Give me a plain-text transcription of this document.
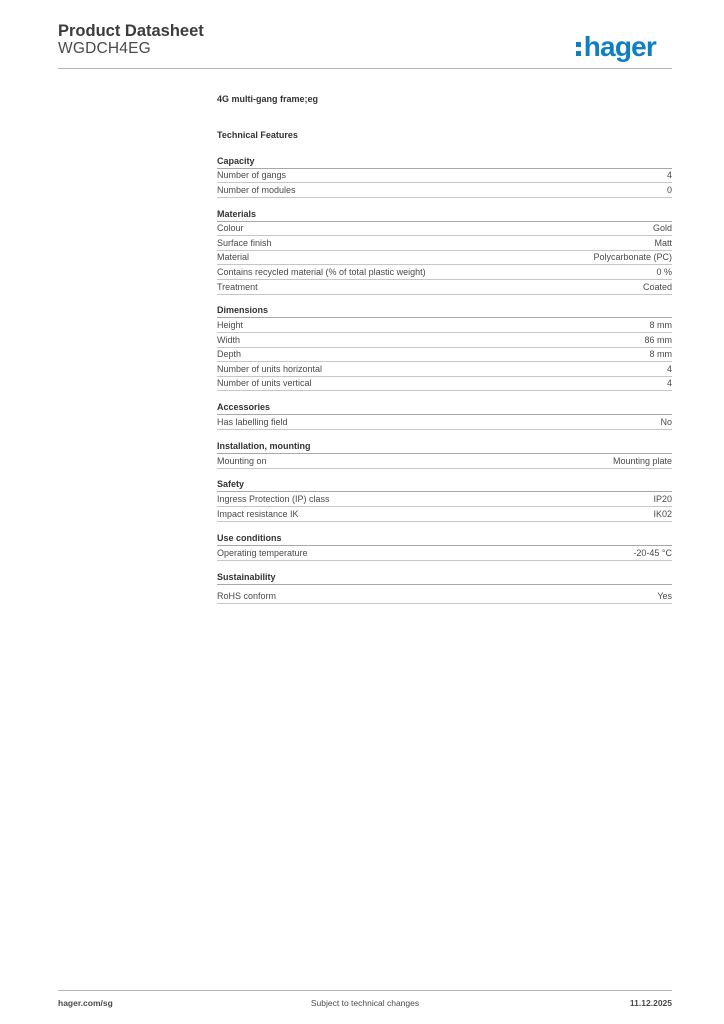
Product Datasheet
WGDCH4EG	hager
4G multi-gang frame;eg
Technical Features
Capacity
Number of gangs	4
Number of modules	0
Materials
Colour	Gold
Surface finish	Matt
Material	Polycarbonate (PC)
Contains recycled material (% of total plastic weight)	0 %
Treatment	Coated
Dimensions
Height	8 mm
Width	86 mm
Depth	8 mm
Number of units horizontal	4
Number of units vertical	4
Accessories
Has labelling field	No
Installation, mounting
Mounting on	Mounting plate
Safety
Ingress Protection (IP) class	IP20
Impact resistance IK	IK02
Use conditions
Operating temperature	-20-45 °C
Sustainability
RoHS conform	Yes
hager.com/sg	Subject to technical changes	11.12.2025
